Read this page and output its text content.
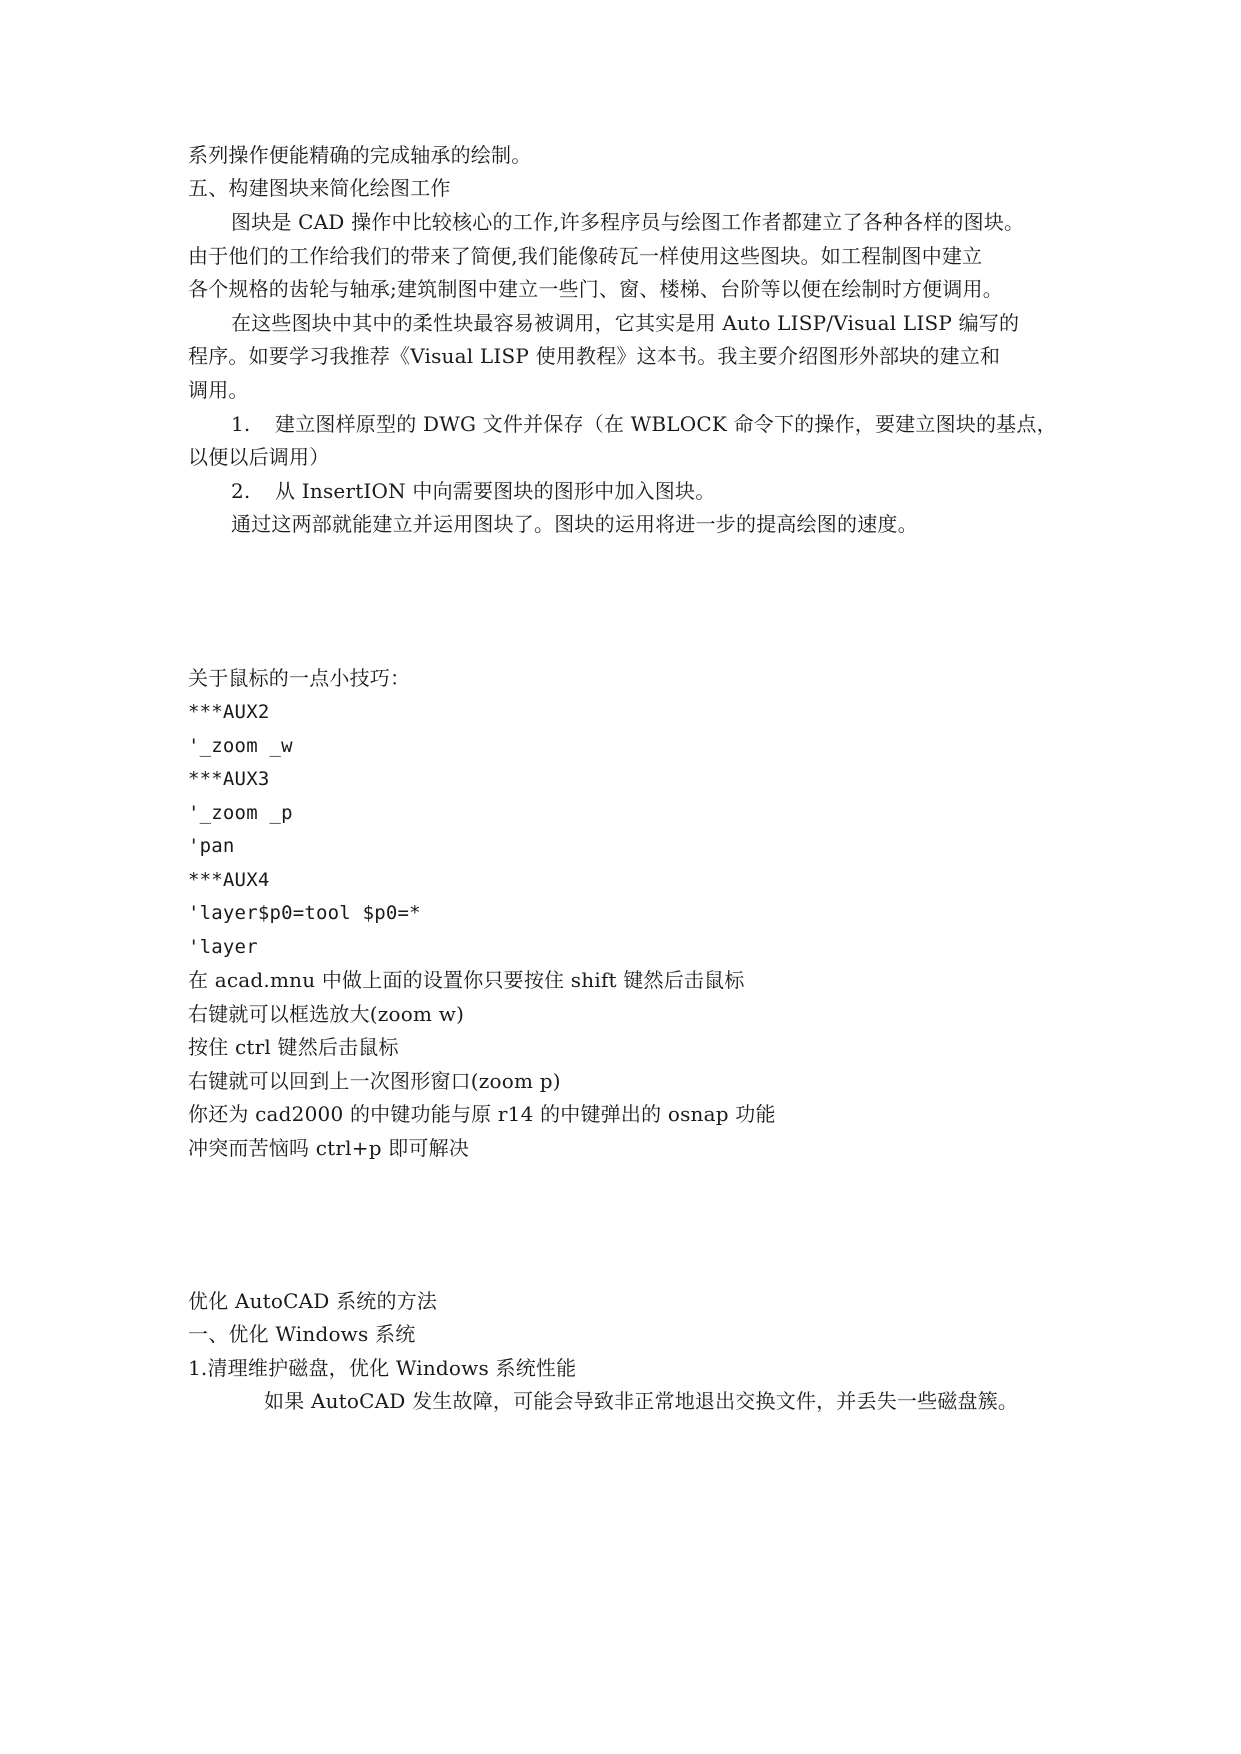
系列操作便能精确的完成轴承的绘制。
五、构建图块来简化绘图工作
图块是 CAD 操作中比较核心的工作,许多程序员与绘图工作者都建立了各种各样的图块。
由于他们的工作给我们的带来了简便,我们能像砖瓦一样使用这些图块。如工程制图中建立
各个规格的齿轮与轴承;建筑制图中建立一些门、窗、楼梯、台阶等以便在绘制时方便调用。
在这些图块中其中的柔性块最容易被调用，它其实是用 Auto LISP/Visual LISP 编写的
程序。如要学习我推荐《Visual LISP 使用教程》这本书。我主要介绍图形外部块的建立和
调用。
1. 建立图样原型的 DWG 文件并保存（在 WBLOCK 命令下的操作，要建立图块的基点，
以便以后调用）
2. 从 InsertION 中向需要图块的图形中加入图块。
通过这两部就能建立并运用图块了。图块的运用将进一步的提高绘图的速度。
关于鼠标的一点小技巧：
***AUX2
'_zoom _w
***AUX3
'_zoom _p
'pan
***AUX4
'layer$p0=tool $p0=*
'layer
在 acad.mnu 中做上面的设置你只要按住 shift 键然后击鼠标
右键就可以框选放大(zoom w)
按住 ctrl 键然后击鼠标
右键就可以回到上一次图形窗口(zoom p)
你还为 cad2000 的中键功能与原 r14 的中键弹出的 osnap 功能
冲突而苦恼吗 ctrl+p 即可解决
优化 AutoCAD 系统的方法
一、优化 Windows 系统
1.清理维护磁盘，优化 Windows 系统性能
如果 AutoCAD 发生故障，可能会导致非正常地退出交换文件，并丢失一些磁盘簇。
